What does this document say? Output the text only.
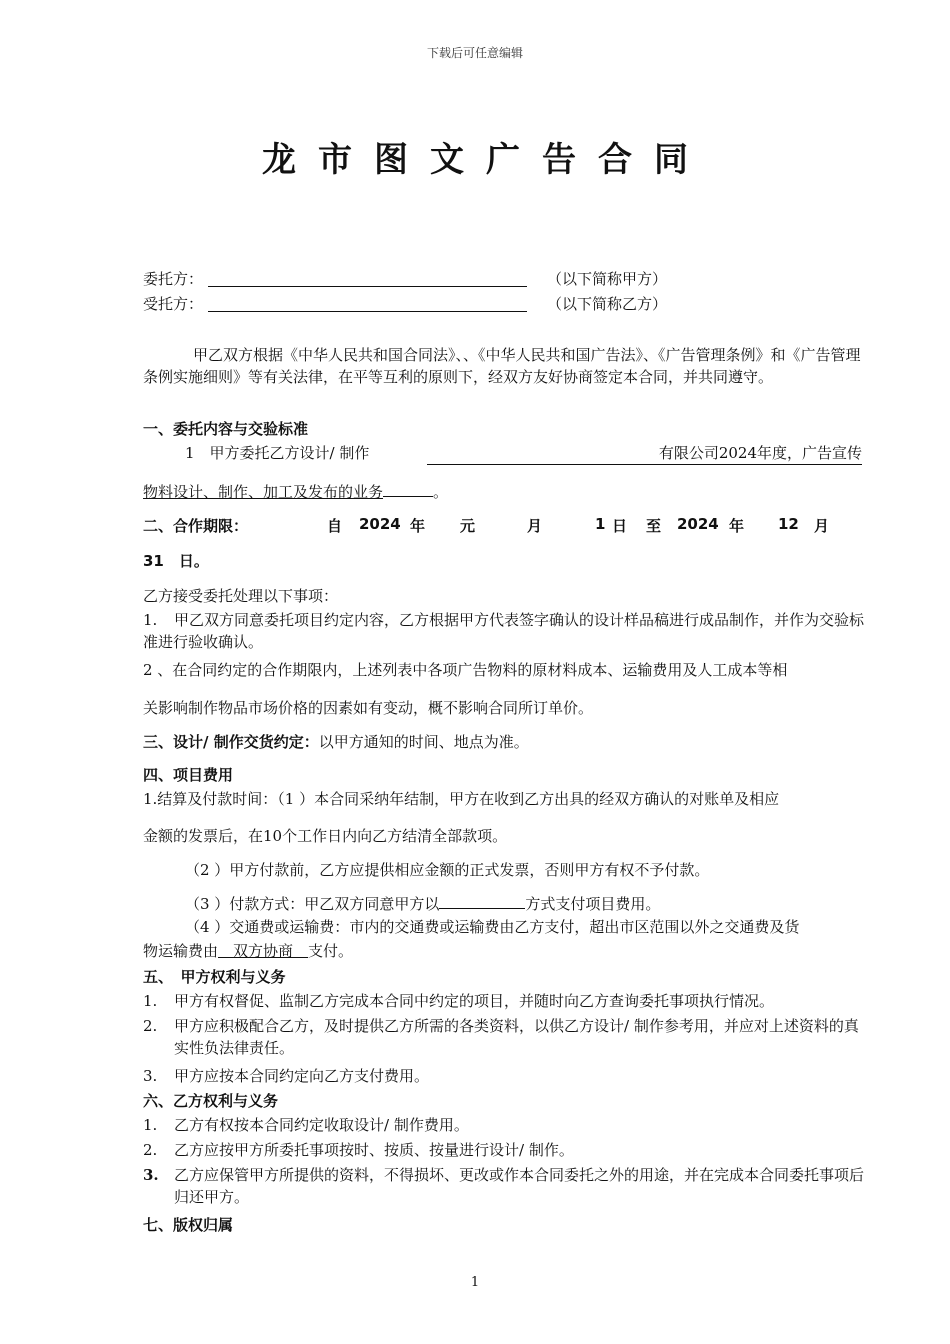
下载后可任意编辑
龙市图文广告合同
委托方：	（以下简称甲方）
受托方：	（以下简称乙方）
甲乙双方根据《中华人民共和国合同法》、、《中华人民共和国广告法》、《广告管理条例》和《广告管理条例实施细则》等有关法律，在平等互利的原则下，经双方友好协商签定本合同，并共同遵守。
一、委托内容与交验标准
1　甲方委托乙方设计/ 制作	有限公司2024年度，广告宣传
物料设计、制作、加工及发布的业务	。
二、合作期限：	自 2024 年 元	月	1 日 至 2024 年 12 月
31　日。
乙方接受委托处理以下事项：
1.	甲乙双方同意委托项目约定内容，乙方根据甲方代表签字确认的设计样品稿进行成品制作，并作为交验标准进行验收确认。
2 、在合同约定的合作期限内，上述列表中各项广告物料的原材料成本、运输费用及人工成本等相
关影响制作物品市场价格的因素如有变动，概不影响合同所订单价。
三、设计/ 制作交货约定：以甲方通知的时间、地点为准。
四、项目费用
1.结算及付款时间：（1 ）本合同采纳年结制，甲方在收到乙方出具的经双方确认的对账单及相应
金额的发票后，在10个工作日内向乙方结清全部款项。
（2 ）甲方付款前，乙方应提供相应金额的正式发票，否则甲方有权不予付款。
（3 ）付款方式：甲乙双方同意甲方以	方式支付项目费用。
（4 ）交通费或运输费：市内的交通费或运输费由乙方支付，超出市区范围以外之交通费及货
物运输费由　双方协商　支付。
五、　甲方权利与义务
1. 甲方有权督促、监制乙方完成本合同中约定的项目，并随时向乙方查询委托事项执行情况。
2. 甲方应积极配合乙方，及时提供乙方所需的各类资料，以供乙方设计/ 制作参考用，并应对上述资料的真实性负法律责任。
3. 甲方应按本合同约定向乙方支付费用。
六、乙方权利与义务
1. 乙方有权按本合同约定收取设计/ 制作费用。
2. 乙方应按甲方所委托事项按时、按质、按量进行设计/ 制作。
3. 乙方应保管甲方所提供的资料，不得损坏、更改或作本合同委托之外的用途，并在完成本合同委托事项后归还甲方。
七、版权归属
1
